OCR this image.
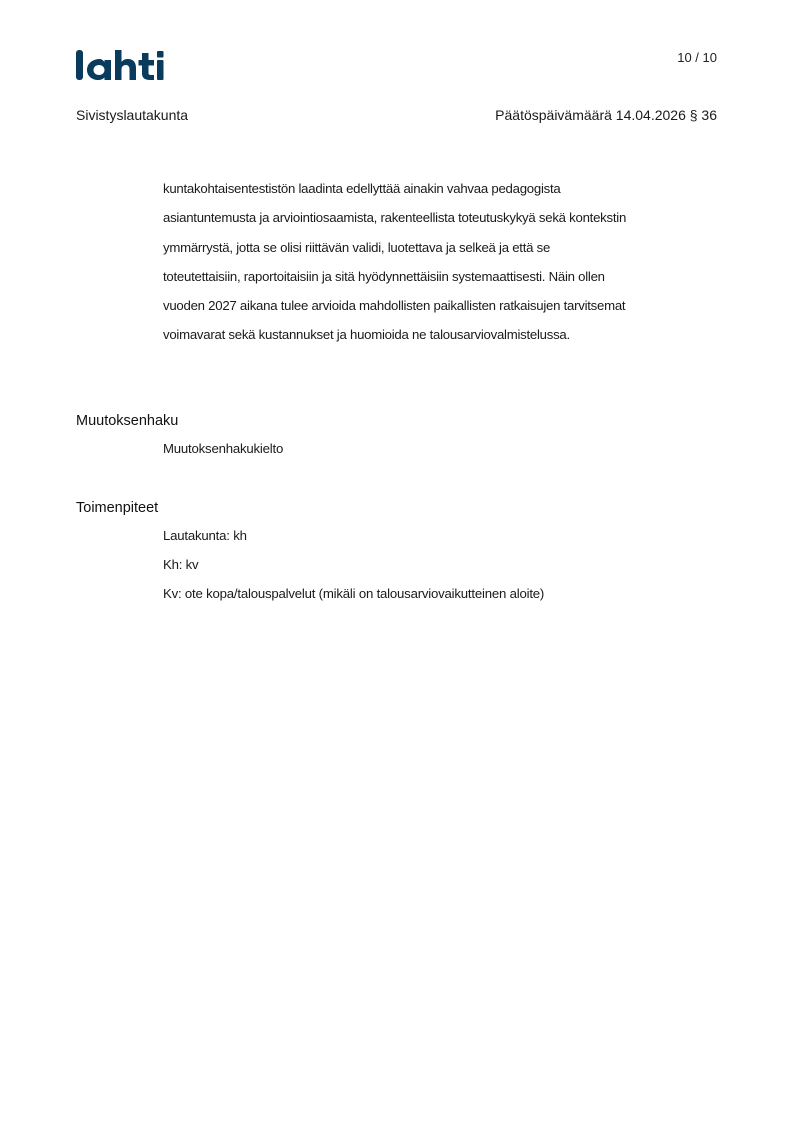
10 / 10
Sivistyslautakunta	Päätöspäivämäärä 14.04.2026 § 36
kuntakohtaisentestistön laadinta edellyttää ainakin vahvaa pedagogista
asiantuntemusta ja arviointiosaamista, rakenteellista toteutuskykyä sekä kontekstin
ymmärrystä, jotta se olisi riittävän validi, luotettava ja selkeä ja että se
toteutettaisiin, raportoitaisiin ja sitä hyödynnettäisiin systemaattisesti. Näin ollen
vuoden 2027 aikana tulee arvioida mahdollisten paikallisten ratkaisujen tarvitsemat
voimavarat sekä kustannukset ja huomioida ne talousarviovalmistelussa.
Muutoksenhaku
Muutoksenhakukielto
Toimenpiteet
Lautakunta: kh
Kh: kv
Kv: ote kopa/talouspalvelut (mikäli on talousarviovaikutteinen aloite)
